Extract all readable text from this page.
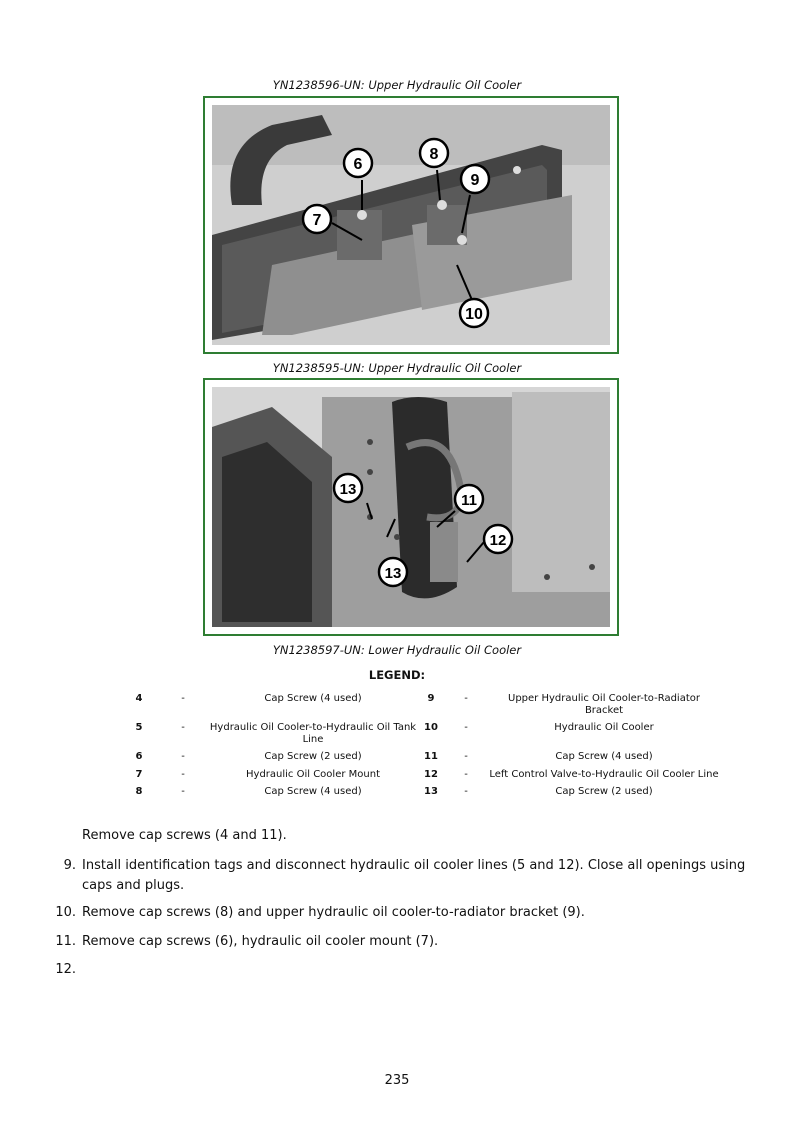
YN1238596-UN: Upper Hydraulic Oil Cooler
6
8
9
7
10
YN1238595-UN: Upper Hydraulic Oil Cooler
13
11
12
13
YN1238597-UN: Lower Hydraulic Oil Cooler
LEGEND:
4	-	Cap Screw (4 used)	9	-	Upper Hydraulic Oil Cooler-to-Radiator Bracket
5	-	Hydraulic Oil Cooler-to-Hydraulic Oil Tank Line	10	-	Hydraulic Oil Cooler
6	-	Cap Screw (2 used)	11	-	Cap Screw (4 used)
7	-	Hydraulic Oil Cooler Mount	12	-	Left Control Valve-to-Hydraulic Oil Cooler Line
8	-	Cap Screw (4 used)	13	-	Cap Screw (2 used)
Remove cap screws (4 and 11).
9. Install identification tags and disconnect hydraulic oil cooler lines (5 and 12). Close all openings using caps and plugs.
10. Remove cap screws (8) and upper hydraulic oil cooler-to-radiator bracket (9).
11. Remove cap screws (6), hydraulic oil cooler mount (7).
12.
235
